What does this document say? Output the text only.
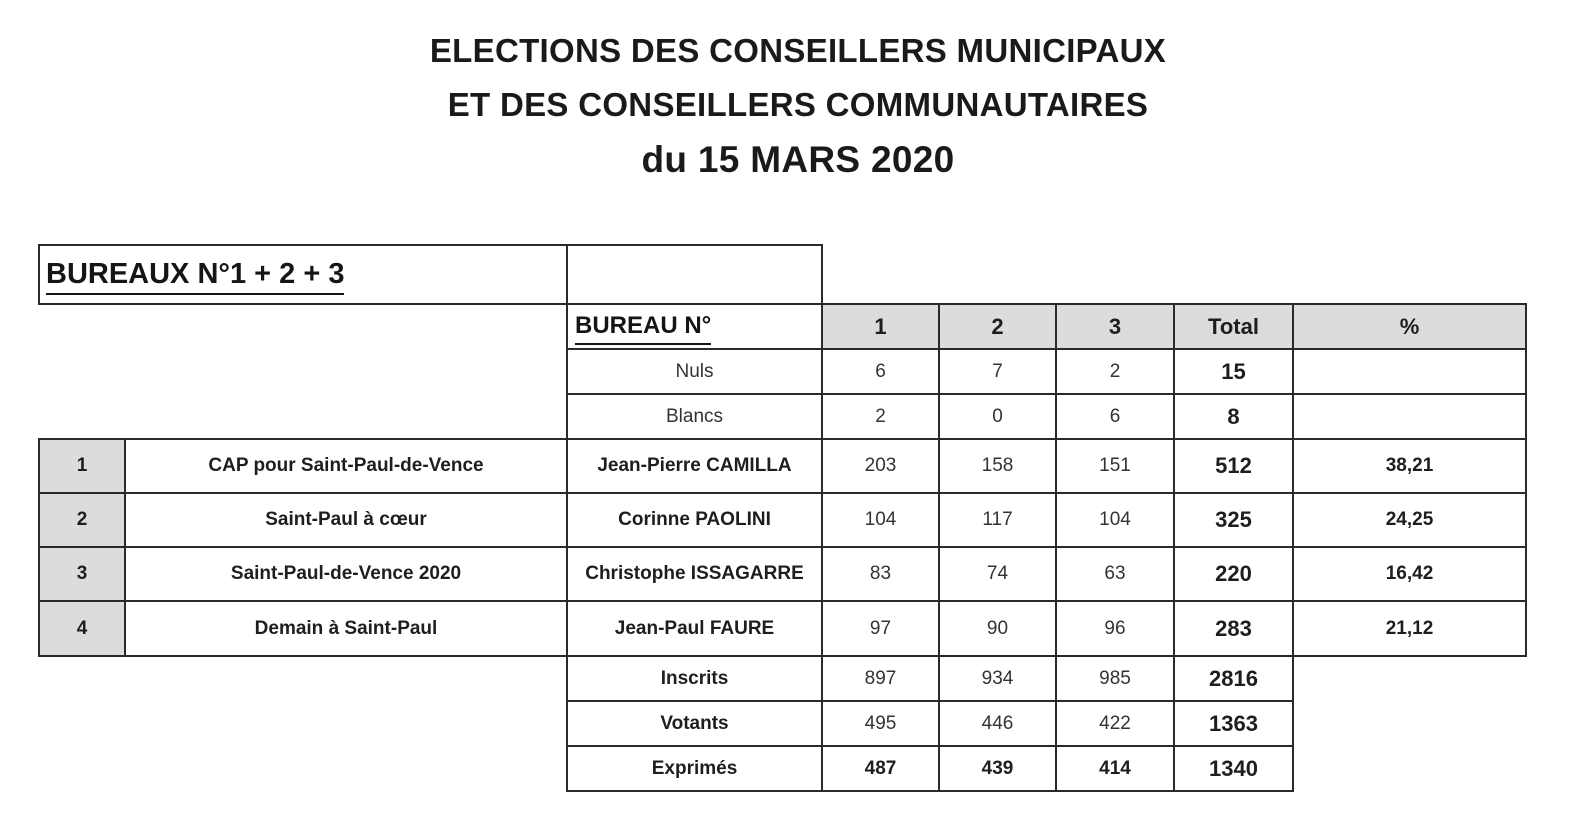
ELECTIONS DES CONSEILLERS MUNICIPAUX
ET DES CONSEILLERS COMMUNAUTAIRES
du 15 MARS 2020
BUREAUX N°1 + 2 + 3
BUREAU N°	1	2	3	Total	%
Nuls	6	7	2	15
Blancs	2	0	6	8
1	CAP pour Saint-Paul-de-Vence	Jean-Pierre CAMILLA	203	158	151	512	38,21
2	Saint-Paul à cœur	Corinne PAOLINI	104	117	104	325	24,25
3	Saint-Paul-de-Vence 2020	Christophe ISSAGARRE	83	74	63	220	16,42
4	Demain à Saint-Paul	Jean-Paul FAURE	97	90	96	283	21,12
Inscrits	897	934	985	2816
Votants	495	446	422	1363
Exprimés	487	439	414	1340
